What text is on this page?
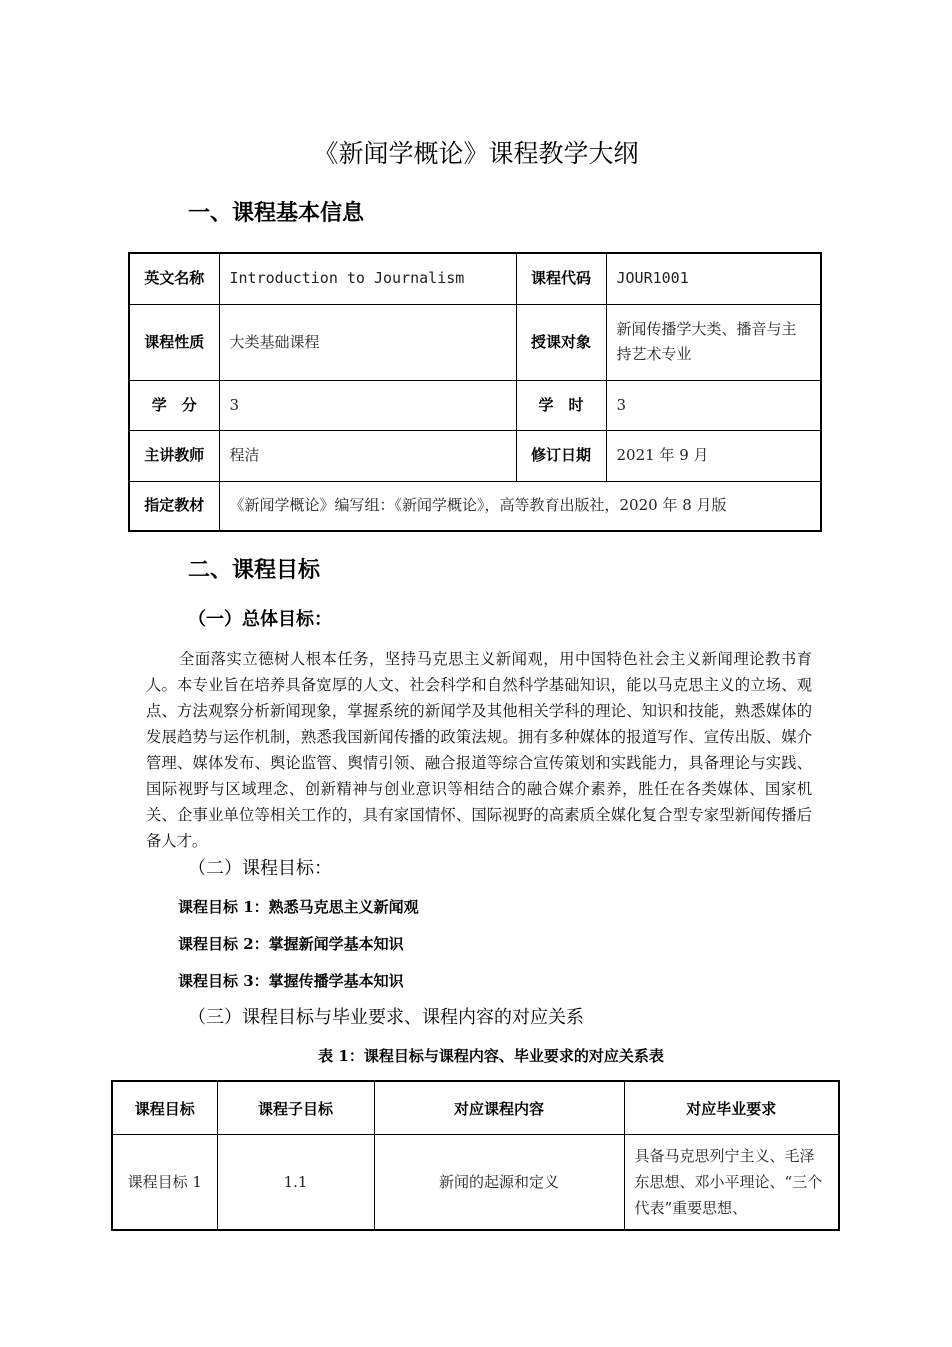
《新闻学概论》课程教学大纲
一、课程基本信息
英文名称	Introduction to Journalism	课程代码	JOUR1001
课程性质	大类基础课程	授课对象	新闻传播学大类、播音与主持艺术专业
学　分	3	学　时	3
主讲教师	程洁	修订日期	2021 年 9 月
指定教材	《新闻学概论》编写组：《新闻学概论》，高等教育出版社，2020 年 8 月版		
二、课程目标
（一）总体目标：

全面落实立德树人根本任务，坚持马克思主义新闻观，用中国特色社会主义新闻理论教书育人。本专业旨在培养具备宽厚的人文、社会科学和自然科学基础知识，能以马克思主义的立场、观点、方法观察分析新闻现象，掌握系统的新闻学及其他相关学科的理论、知识和技能，熟悉媒体的发展趋势与运作机制，熟悉我国新闻传播的政策法规。拥有多种媒体的报道写作、宣传出版、媒介管理、媒体发布、舆论监管、舆情引领、融合报道等综合宣传策划和实践能力，具备理论与实践、国际视野与区域理念、创新精神与创业意识等相结合的融合媒介素养，胜任在各类媒体、国家机关、企事业单位等相关工作的，具有家国情怀、国际视野的高素质全媒化复合型专家型新闻传播后备人才。

（二）课程目标：
课程目标 1：熟悉马克思主义新闻观
课程目标 2：掌握新闻学基本知识
课程目标 3：掌握传播学基本知识
（三）课程目标与毕业要求、课程内容的对应关系
表 1：课程目标与课程内容、毕业要求的对应关系表
课程目标	课程子目标	对应课程内容	对应毕业要求
课程目标 1	1.1	新闻的起源和定义	具备马克思列宁主义、毛泽东思想、邓小平理论、“三个代表”重要思想、
